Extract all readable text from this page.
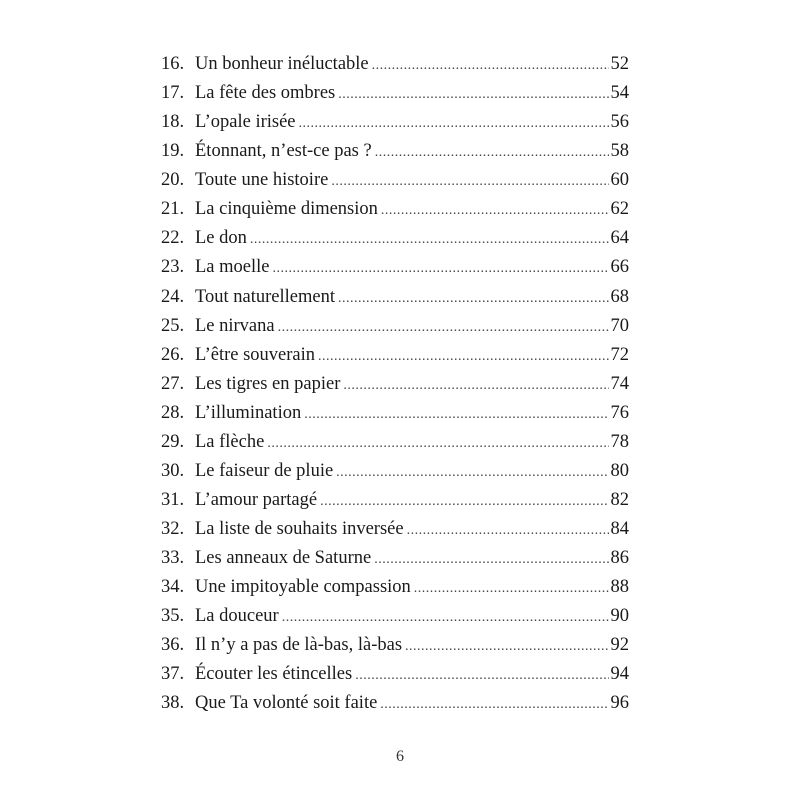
16. Un bonheur inéluctable .....	52
17. La fête des ombres .....	54
18. L’opale irisée .....	56
19. Étonnant, n’est-ce pas ? .....	58
20. Toute une histoire .....	60
21. La cinquième dimension .....	62
22. Le don .....	64
23. La moelle .....	66
24. Tout naturellement .....	68
25. Le nirvana .....	70
26. L’être souverain .....	72
27. Les tigres en papier .....	74
28. L’illumination .....	76
29. La flèche .....	78
30. Le faiseur de pluie .....	80
31. L’amour partagé .....	82
32. La liste de souhaits inversée .....	84
33. Les anneaux de Saturne .....	86
34. Une impitoyable compassion .....	88
35. La douceur .....	90
36. Il n’y a pas de là-bas, là-bas .....	92
37. Écouter les étincelles .....	94
38. Que Ta volonté soit faite .....	96
6
